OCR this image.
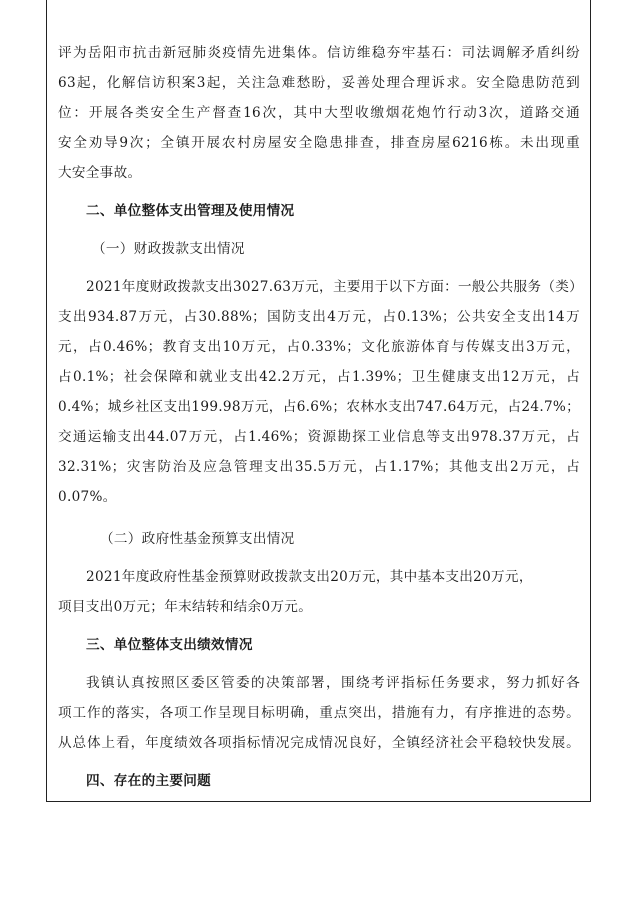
评为岳阳市抗击新冠肺炎疫情先进集体。信访维稳夯牢基石：司法调解矛盾纠纷
63起，化解信访积案3起，关注急难愁盼，妥善处理合理诉求。安全隐患防范到
位：开展各类安全生产督查16次，其中大型收缴烟花炮竹行动3次，道路交通
安全劝导9次；全镇开展农村房屋安全隐患排查，排查房屋6216栋。未出现重
大安全事故。
二、单位整体支出管理及使用情况
（一）财政拨款支出情况
2021年度财政拨款支出3027.63万元，主要用于以下方面：一般公共服务（类）
支出934.87万元，占30.88%；国防支出4万元，占0.13%；公共安全支出14万
元，占0.46%；教育支出10万元，占0.33%；文化旅游体育与传媒支出3万元，
占0.1%；社会保障和就业支出42.2万元，占1.39%；卫生健康支出12万元，占
0.4%；城乡社区支出199.98万元，占6.6%；农林水支出747.64万元，占24.7%；
交通运输支出44.07万元，占1.46%；资源勘探工业信息等支出978.37万元，占
32.31%；灾害防治及应急管理支出35.5万元，占1.17%；其他支出2万元，占
0.07%。
（二）政府性基金预算支出情况
2021年度政府性基金预算财政拨款支出20万元，其中基本支出20万元，
项目支出0万元；年末结转和结余0万元。
三、单位整体支出绩效情况
我镇认真按照区委区管委的决策部署，围绕考评指标任务要求，努力抓好各
项工作的落实，各项工作呈现目标明确，重点突出，措施有力，有序推进的态势。
从总体上看，年度绩效各项指标情况完成情况良好，全镇经济社会平稳较快发展。
四、存在的主要问题
